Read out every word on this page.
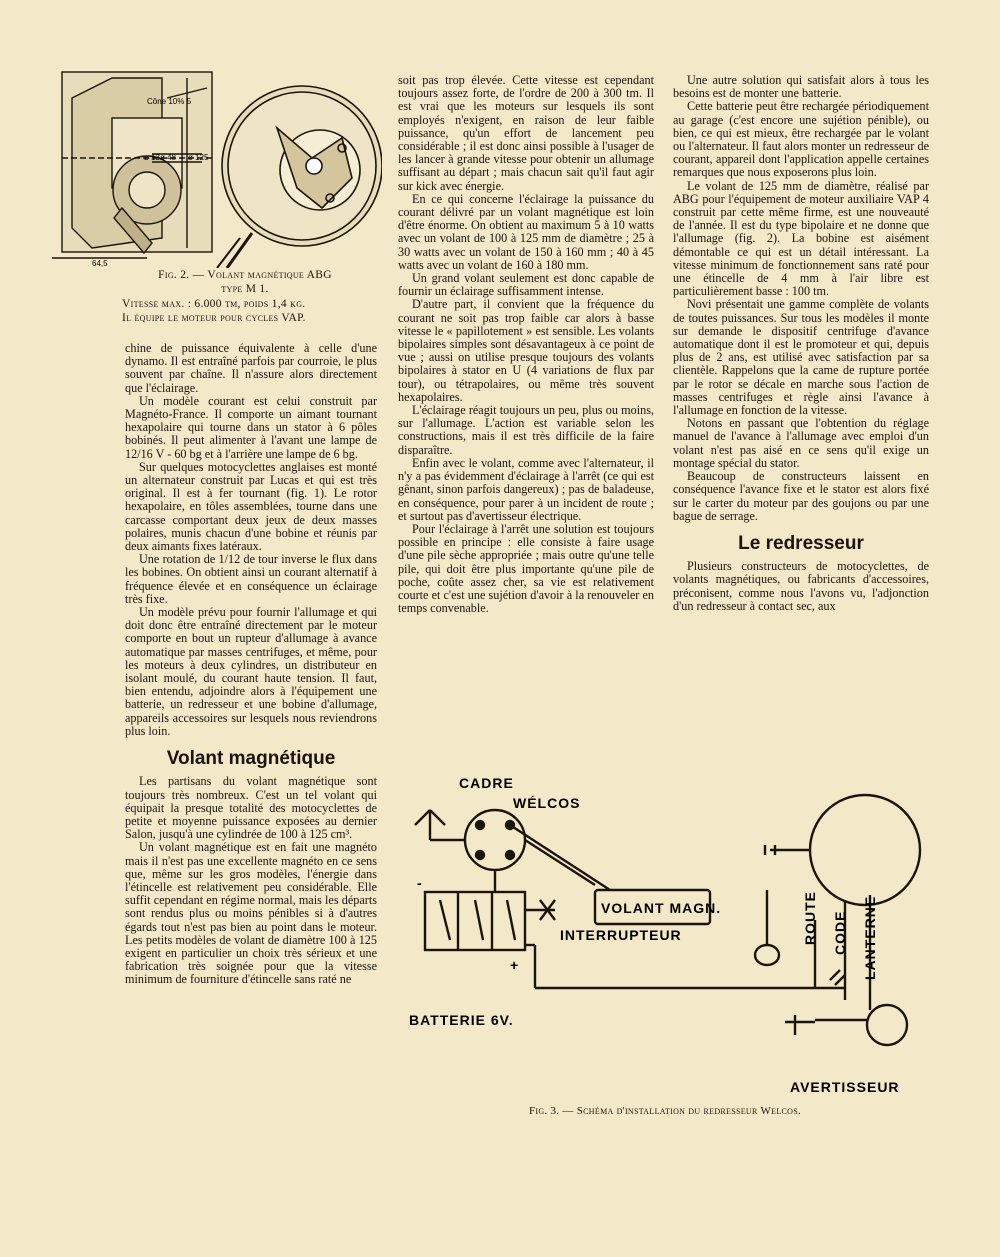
Cône 10% 5
ø 13 ø 48 ø 125
64,5
Fig. 2. — Volant magnétique ABG
type M 1.
Vitesse max. : 6.000 tm, poids 1,4 kg.
Il équipe le moteur pour cycles VAP.

chine de puissance équivalente à celle d'une dynamo. Il est entraîné parfois par courroie, le plus souvent par chaîne. Il n'assure alors directement que l'éclairage.

Un modèle courant est celui construit par Magnéto-France. Il comporte un aimant tournant hexapolaire qui tourne dans un stator à 6 pôles bobinés. Il peut alimenter à l'avant une lampe de 12/16 V - 60 bg et à l'arrière une lampe de 6 bg.

Sur quelques motocyclettes anglaises est monté un alternateur construit par Lucas et qui est très original. Il est à fer tournant (fig. 1). Le rotor hexapolaire, en tôles assemblées, tourne dans une carcasse comportant deux jeux de deux masses polaires, munis chacun d'une bobine et réunis par deux aimants fixes latéraux.

Une rotation de 1/12 de tour inverse le flux dans les bobines. On obtient ainsi un courant alternatif à fréquence élevée et en conséquence un éclairage très fixe.

Un modèle prévu pour fournir l'allumage et qui doit donc être entraîné directement par le moteur comporte en bout un rupteur d'allumage à avance automatique par masses centrifuges, et même, pour les moteurs à deux cylindres, un distributeur en isolant moulé, du courant haute tension. Il faut, bien entendu, adjoindre alors à l'équipement une batterie, un redresseur et une bobine d'allumage, appareils accessoires sur lesquels nous reviendrons plus loin.

Volant magnétique

Les partisans du volant magnétique sont toujours très nombreux. C'est un tel volant qui équipait la presque totalité des motocyclettes de petite et moyenne puissance exposées au dernier Salon, jusqu'à une cylindrée de 100 à 125 cm³.

Un volant magnétique est en fait une magnéto mais il n'est pas une excellente magnéto en ce sens que, même sur les gros modèles, l'énergie dans l'étincelle est relativement peu considérable. Elle suffit cependant en régime normal, mais les départs sont rendus plus ou moins pénibles si à d'autres égards tout n'est pas bien au point dans le moteur. Les petits modèles de volant de diamètre 100 à 125 exigent en particulier un choix très sérieux et une fabrication très soignée pour que la vitesse minimum de fourniture d'étincelle sans raté ne

soit pas trop élevée. Cette vitesse est cependant toujours assez forte, de l'ordre de 200 à 300 tm. Il est vrai que les moteurs sur lesquels ils sont employés n'exigent, en raison de leur faible puissance, qu'un effort de lancement peu considérable ; il est donc ainsi possible à l'usager de les lancer à grande vitesse pour obtenir un allumage suffisant au départ ; mais chacun sait qu'il faut agir sur kick avec énergie.

En ce qui concerne l'éclairage la puissance du courant délivré par un volant magnétique est loin d'être énorme. On obtient au maximum 5 à 10 watts avec un volant de 100 à 125 mm de diamètre ; 25 à 30 watts avec un volant de 150 à 160 mm ; 40 à 45 watts avec un volant de 160 à 180 mm.

Un grand volant seulement est donc capable de fournir un éclairage suffisamment intense.

D'autre part, il convient que la fréquence du courant ne soit pas trop faible car alors à basse vitesse le « papillotement » est sensible. Les volants bipolaires simples sont désavantageux à ce point de vue ; aussi on utilise presque toujours des volants bipolaires à stator en U (4 variations de flux par tour), ou tétrapolaires, ou même très souvent hexapolaires.

L'éclairage réagit toujours un peu, plus ou moins, sur l'allumage. L'action est variable selon les constructions, mais il est très difficile de la faire disparaître.

Enfin avec le volant, comme avec l'alternateur, il n'y a pas évidemment d'éclairage à l'arrêt (ce qui est gênant, sinon parfois dangereux) ; pas de baladeuse, en conséquence, pour parer à un incident de route ; et surtout pas d'avertisseur électrique.

Pour l'éclairage à l'arrêt une solution est toujours possible en principe : elle consiste à faire usage d'une pile sèche appropriée ; mais outre qu'une telle pile, qui doit être plus importante qu'une pile de poche, coûte assez cher, sa vie est relativement courte et c'est une sujétion d'avoir à la renouveler en temps convenable.

Une autre solution qui satisfait alors à tous les besoins est de monter une batterie.

Cette batterie peut être rechargée périodiquement au garage (c'est encore une sujétion pénible), ou bien, ce qui est mieux, être rechargée par le volant ou l'alternateur. Il faut alors monter un redresseur de courant, appareil dont l'application appelle certaines remarques que nous exposerons plus loin.

Le volant de 125 mm de diamètre, réalisé par ABG pour l'équipement de moteur auxiliaire VAP 4 construit par cette même firme, est une nouveauté de l'année. Il est du type bipolaire et ne donne que l'allumage (fig. 2). La bobine est aisément démontable ce qui est un détail intéressant. La vitesse minimum de fonctionnement sans raté pour une étincelle de 4 mm à l'air libre est particulièrement basse : 100 tm.

Novi présentait une gamme complète de volants de toutes puissances. Sur tous les modèles il monte sur demande le dispositif centrifuge d'avance automatique dont il est le promoteur et qui, depuis plus de 2 ans, est utilisé avec satisfaction par sa clientèle. Rappelons que la came de rupture portée par le rotor se décale en marche sous l'action de masses centrifuges et règle ainsi l'avance à l'allumage en fonction de la vitesse.

Notons en passant que l'obtention du réglage manuel de l'avance à l'allumage avec emploi d'un volant n'est pas aisé en ce sens qu'il exige un montage spécial du stator.

Beaucoup de constructeurs laissent en conséquence l'avance fixe et le stator est alors fixé sur le carter du moteur par des goujons ou par une bague de serrage.

Le redresseur

Plusieurs constructeurs de motocyclettes, de volants magnétiques, ou fabricants d'accessoires, préconisent, comme nous l'avons vu, l'adjonction d'un redresseur à contact sec, aux

CADRE
WÉLCOS
VOLANT MAGN.
INTERRUPTEUR
+
-
BATTERIE 6V.
ROUTE CODE LANTERNE
AVERTISSEUR
Fig. 3. — Schéma d'installation du redresseur Welcos.
